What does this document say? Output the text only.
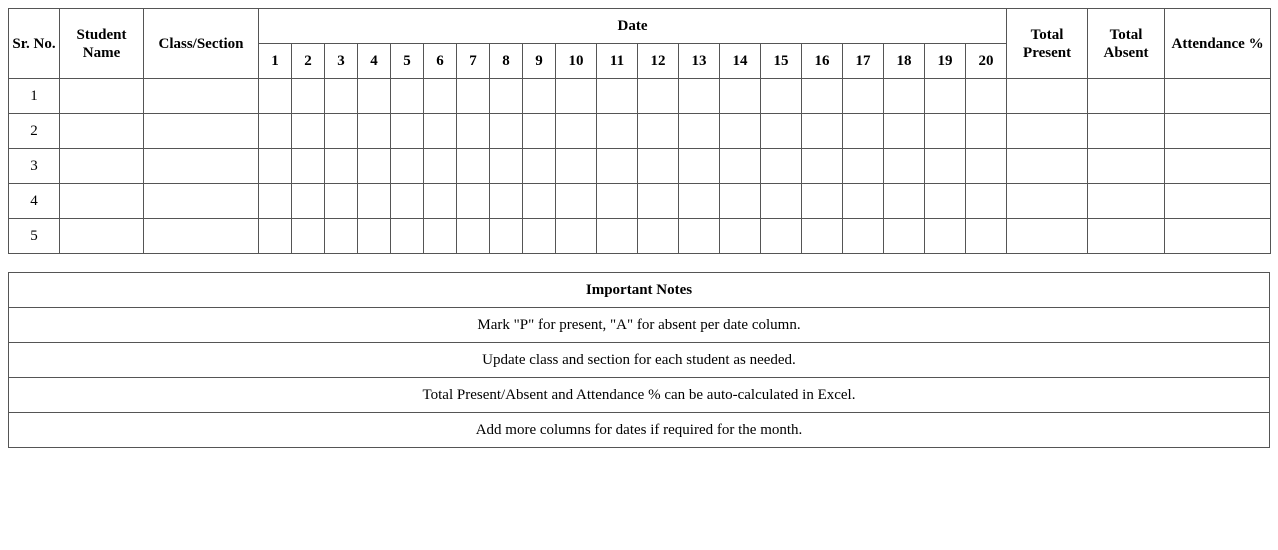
Sr. No.	Student Name	Class/Section	Date																				Total Present	Total Absent	Attendance %
			1	2	3	4	5	6	7	8	9	10	11	12	13	14	15	16	17	18	19	20			
1																									
2																									
3																									
4																									
5																									
Important Notes
Mark "P" for present, "A" for absent per date column.
Update class and section for each student as needed.
Total Present/Absent and Attendance % can be auto-calculated in Excel.
Add more columns for dates if required for the month.
